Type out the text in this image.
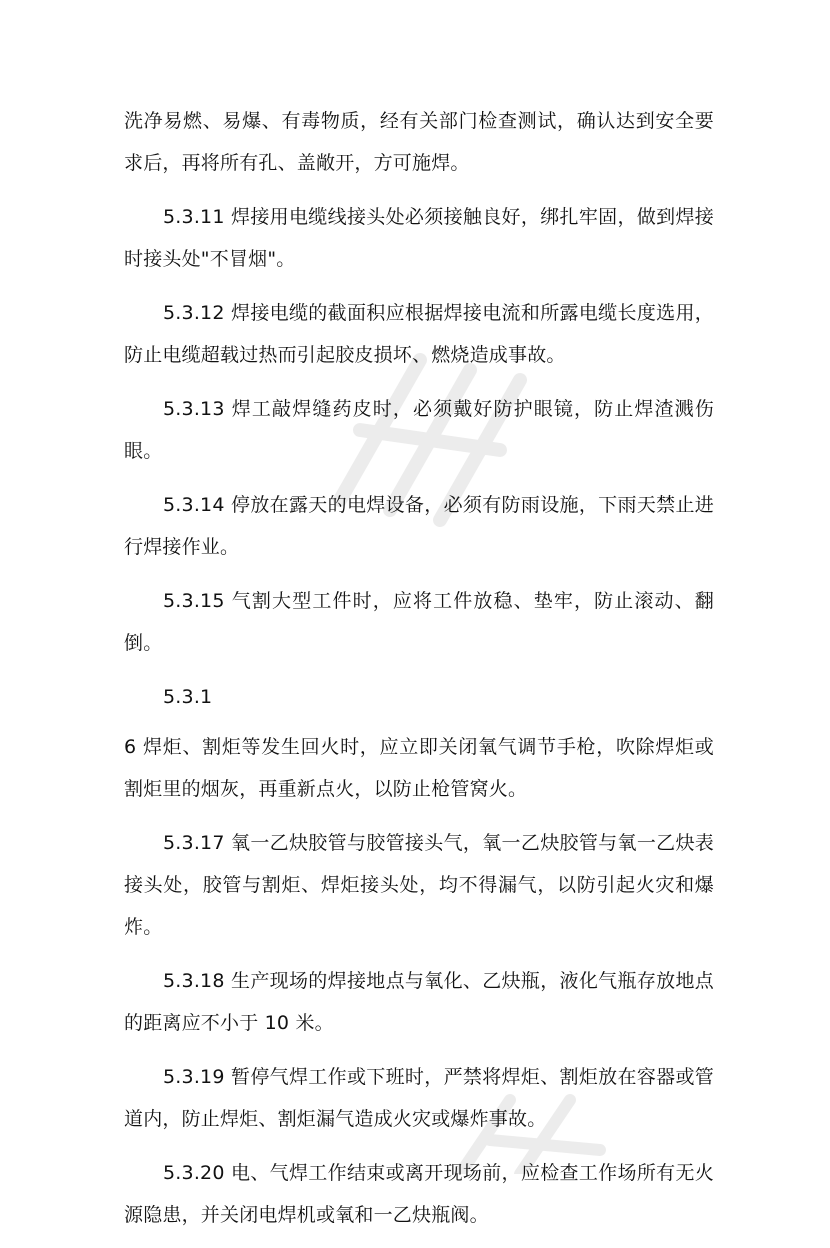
洗净易燃、易爆、有毒物质，经有关部门检查测试，确认达到安全要求后，再将所有孔、盖敞开，方可施焊。

5.3.11 焊接用电缆线接头处必须接触良好，绑扎牢固，做到焊接时接头处"不冒烟"。

5.3.12 焊接电缆的截面积应根据焊接电流和所露电缆长度选用，防止电缆超载过热而引起胶皮损坏、燃烧造成事故。

5.3.13 焊工敲焊缝药皮时，必须戴好防护眼镜，防止焊渣溅伤眼。

5.3.14 停放在露天的电焊设备，必须有防雨设施，下雨天禁止进行焊接作业。

5.3.15 气割大型工件时，应将工件放稳、垫牢，防止滚动、翻倒。

5.3.1

6 焊炬、割炬等发生回火时，应立即关闭氧气调节手枪，吹除焊炬或割炬里的烟灰，再重新点火，以防止枪管窝火。

5.3.17 氧一乙炔胶管与胶管接头气，氧一乙炔胶管与氧一乙炔表接头处，胶管与割炬、焊炬接头处，均不得漏气，以防引起火灾和爆炸。

5.3.18 生产现场的焊接地点与氧化、乙炔瓶，液化气瓶存放地点的距离应不小于 10 米。

5.3.19 暂停气焊工作或下班时，严禁将焊炬、割炬放在容器或管道内，防止焊炬、割炬漏气造成火灾或爆炸事故。

5.3.20 电、气焊工作结束或离开现场前，应检查工作场所有无火源隐患，并关闭电焊机或氧和一乙炔瓶阀。
